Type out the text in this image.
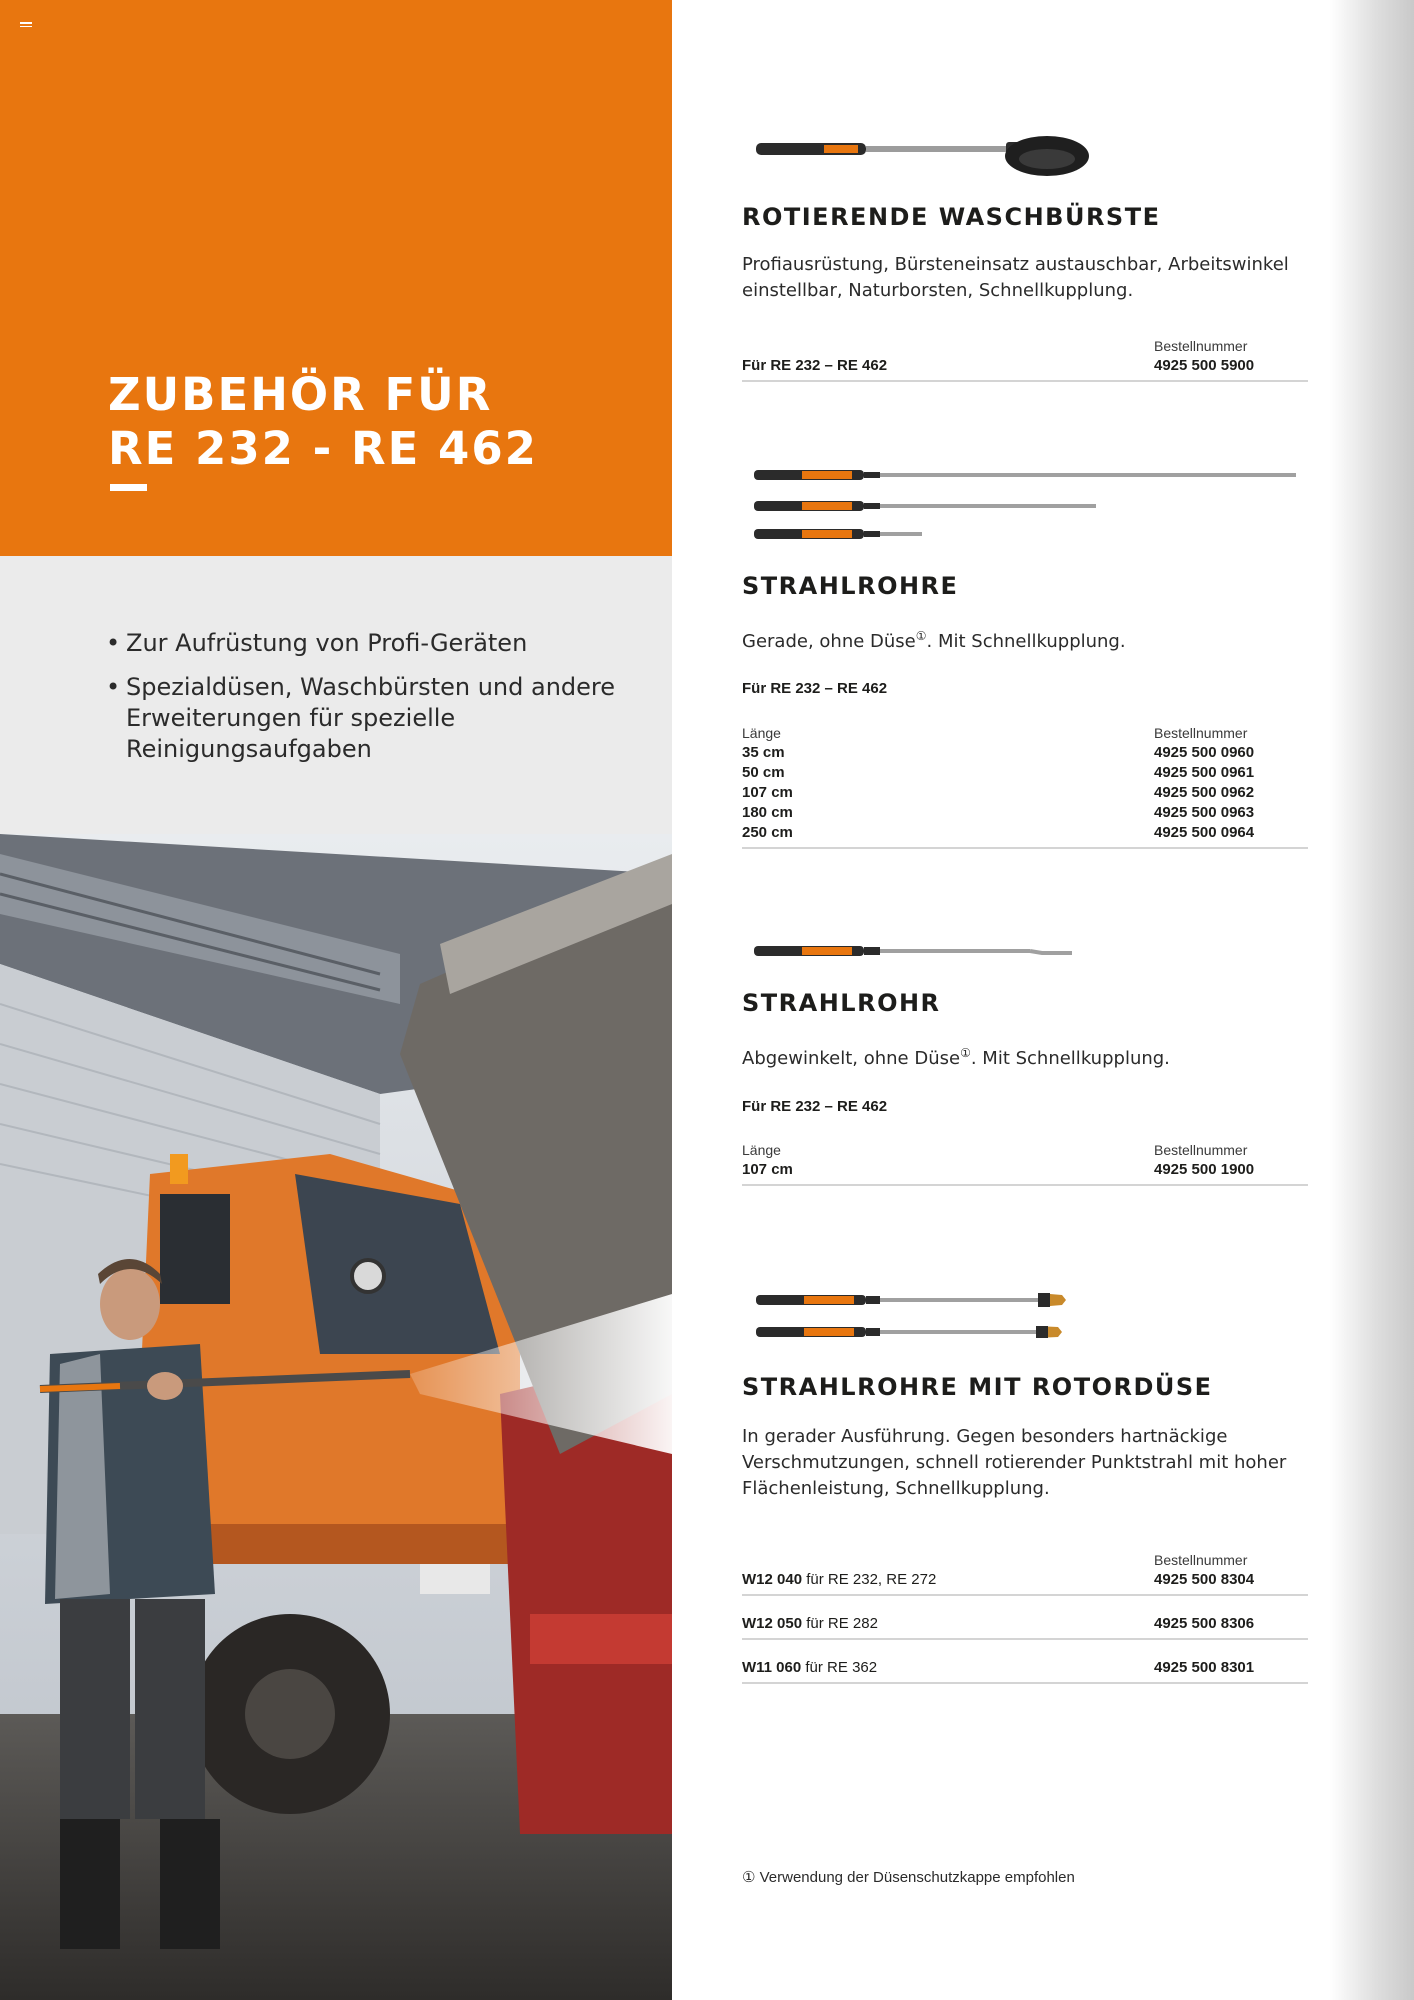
ZUBEHÖR FÜR
RE 232 - RE 462
• Zur Aufrüstung von Profi-Geräten
• Spezialdüsen, Waschbürsten und andere Erweiterungen für spezielle Reinigungsaufgaben
ROTIERENDE WASCHBÜRSTE
Profiausrüstung, Bürsteneinsatz austauschbar, Arbeitswinkel einstellbar, Naturborsten, Schnellkupplung.
Bestellnummer
Für RE 232 – RE 462	4925 500 5900
STRAHLROHRE
Gerade, ohne Düse①. Mit Schnellkupplung.
Für RE 232 – RE 462
Länge	Bestellnummer
35 cm	4925 500 0960
50 cm	4925 500 0961
107 cm	4925 500 0962
180 cm	4925 500 0963
250 cm	4925 500 0964
STRAHLROHR
Abgewinkelt, ohne Düse①. Mit Schnellkupplung.
Für RE 232 – RE 462
Länge	Bestellnummer
107 cm	4925 500 1900
STRAHLROHRE MIT ROTORDÜSE
In gerader Ausführung. Gegen besonders hartnäckige Verschmutzungen, schnell rotierender Punktstrahl mit hoher Flächenleistung, Schnellkupplung.
Bestellnummer
W12 040 für RE 232, RE 272	4925 500 8304
W12 050 für RE 282	4925 500 8306
W11 060 für RE 362	4925 500 8301
① Verwendung der Düsenschutzkappe empfohlen
